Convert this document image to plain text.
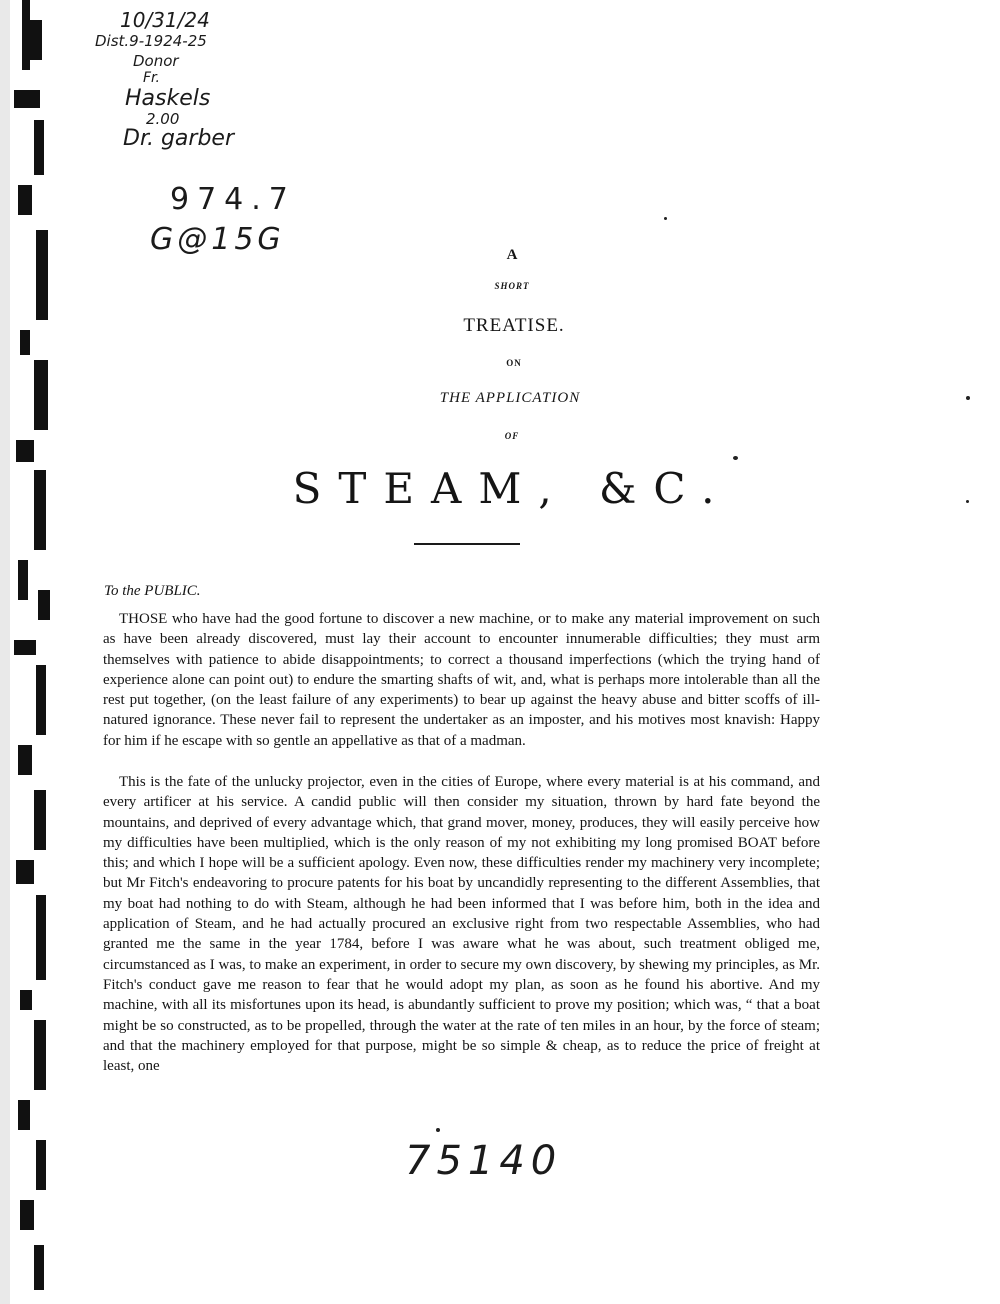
10/31/24
Dist.9-1924-25
Donor
Fr.
Haskels
2.00
Dr. garber
974.7
G@15G	A
SHORT
TREATISE.
ON
THE APPLICATION
OF
STEAM, &C.
To the PUBLIC.
THOSE who have had the good fortune to discover a new machine, or to make any material improvement on such as have been already discovered, must lay their account to encounter innumerable difficulties; they must arm themselves with patience to abide disappointments; to correct a thousand imperfections (which the trying hand of experience alone can point out) to endure the smarting shafts of wit, and, what is perhaps more intolerable than all the rest put together, (on the least failure of any experiments) to bear up against the heavy abuse and bitter scoffs of ill-natured ignorance. These never fail to represent the undertaker as an imposter, and his motives most knavish: Happy for him if he escape with so gentle an appellative as that of a madman.
This is the fate of the unlucky projector, even in the cities of Europe, where every material is at his command, and every artificer at his service. A candid public will then consider my situation, thrown by hard fate beyond the mountains, and deprived of every advantage which, that grand mover, money, produces, they will easily perceive how my difficulties have been multiplied, which is the only reason of my not exhibiting my long promised BOAT before this; and which I hope will be a sufficient apology. Even now, these difficulties render my machinery very incomplete; but Mr Fitch's endeavoring to procure patents for his boat by uncandidly representing to the different Assemblies, that my boat had nothing to do with Steam, although he had been informed that I was before him, both in the idea and application of Steam, and he had actually procured an exclusive right from two respectable Assemblies, who had granted me the same in the year 1784, before I was aware what he was about, such treatment obliged me, circumstanced as I was, to make an experiment, in order to secure my own discovery, by shewing my principles, as Mr. Fitch's conduct gave me reason to fear that he would adopt my plan, as soon as he found his abortive. And my machine, with all its misfortunes upon its head, is abundantly sufficient to prove my position; which was, “ that a boat might be so constructed, as to be propelled, through the water at the rate of ten miles in an hour, by the force of steam; and that the machinery employed for that purpose, might be so simple & cheap, as to reduce the price of freight at least, one
75140
